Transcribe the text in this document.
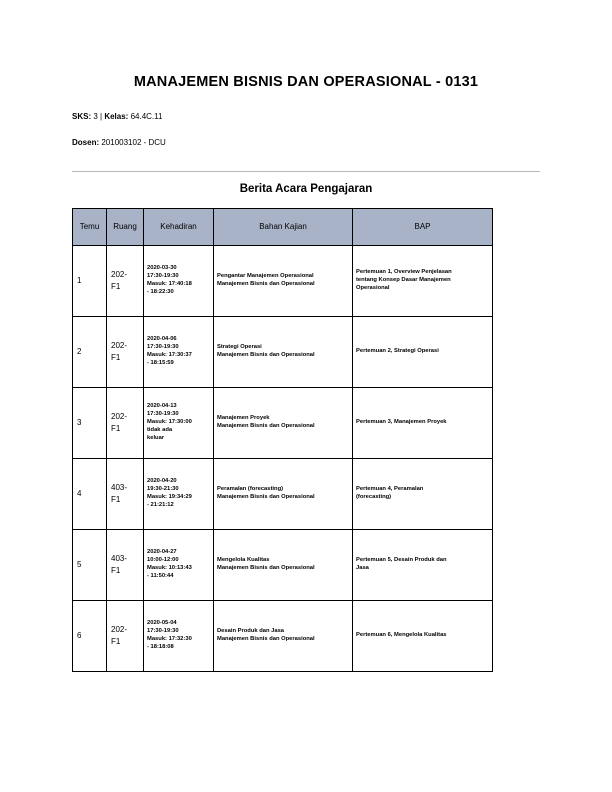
MANAJEMEN BISNIS DAN OPERASIONAL - 0131
SKS: 3 | Kelas: 64.4C.11
Dosen: 201003102 - DCU
Berita Acara Pengajaran
Temu	Ruang	Kehadiran	Bahan Kajian	BAP
1	202-
F1	2020-03-30
17:30-19:30
Masuk: 17:40:18
- 18:22:30	Pengantar Manajemen Operasional
Manajemen Bisnis dan Operasional	Pertemuan 1, Overview Penjelasan
tentang Konsep Dasar Manajemen
Operasional

2	202-
F1	2020-04-06
17:30-19:30
Masuk: 17:30:37
- 18:15:59	Strategi Operasi
Manajemen Bisnis dan Operasional	Pertemuan 2, Strategi Operasi

3	202-
F1	2020-04-13
17:30-19:30
Masuk: 17:30:00
tidak ada
keluar	Manajemen Proyek
Manajemen Bisnis dan Operasional	Pertemuan 3, Manajemen Proyek

4	403-
F1	2020-04-20
19:30-21:30
Masuk: 19:34:29
- 21:21:12	Peramalan (forecasting)
Manajemen Bisnis dan Operasional	Pertemuan 4, Peramalan
(forecasting)

5	403-
F1	2020-04-27
10:00-12:00
Masuk: 10:13:43
- 11:50:44	Mengelola Kualitas
Manajemen Bisnis dan Operasional	Pertemuan 5, Desain Produk dan
Jasa

6	202-
F1	2020-05-04
17:30-19:30
Masuk: 17:32:30
- 18:18:08	Desain Produk dan Jasa
Manajemen Bisnis dan Operasional	Pertemuan 6, Mengelola Kualitas
